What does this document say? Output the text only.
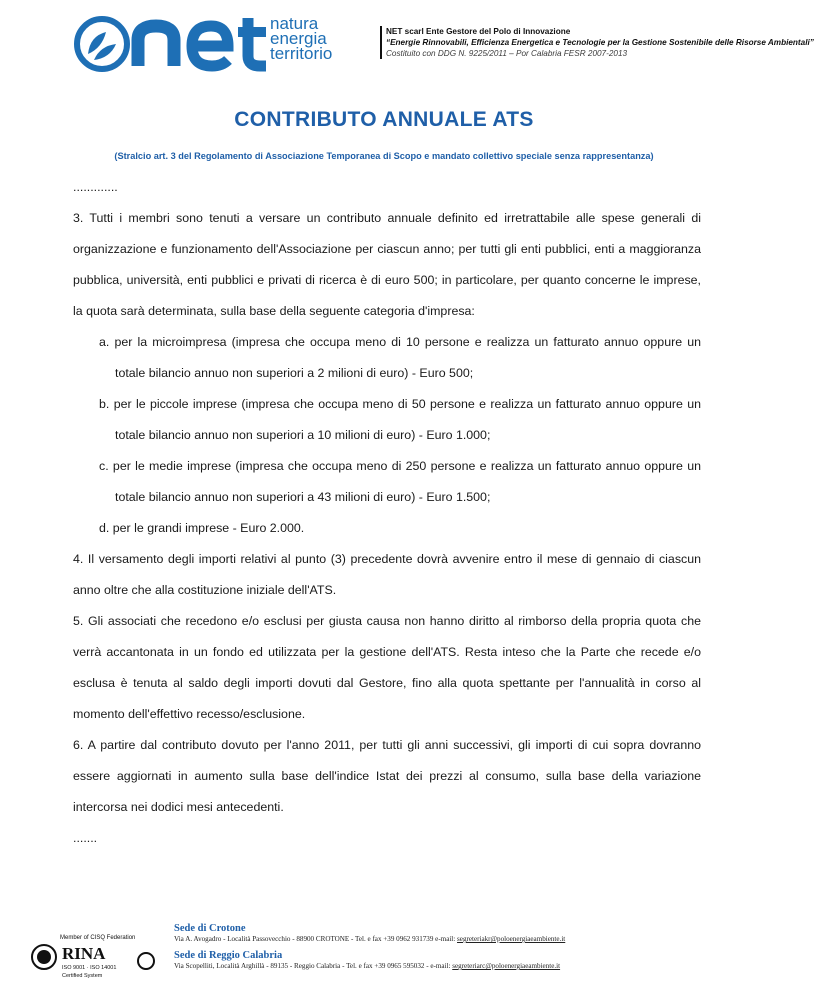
natura
energia
territorio
NET scarl Ente Gestore del Polo di Innovazione
“Energie Rinnovabili, Efficienza Energetica e Tecnologie per la Gestione Sostenibile delle Risorse Ambientali”
Costituito con DDG N. 9225/2011 – Por Calabria FESR 2007-2013
CONTRIBUTO ANNUALE ATS
(Stralcio art. 3 del Regolamento di Associazione Temporanea di Scopo e mandato collettivo speciale senza rappresentanza)

.............

3. Tutti i membri sono tenuti a versare un contributo annuale definito ed irretrattabile alle spese generali di organizzazione e funzionamento dell'Associazione per ciascun anno; per tutti gli enti pubblici, enti a maggioranza pubblica, università, enti pubblici e privati di ricerca è di euro 500; in particolare, per quanto concerne le imprese, la quota sarà determinata, sulla base della seguente categoria d'impresa:

a. per la microimpresa (impresa che occupa meno di 10 persone e realizza un fatturato annuo oppure un totale bilancio annuo non superiori a 2 milioni di euro) - Euro 500;
b. per le piccole imprese (impresa che occupa meno di 50 persone e realizza un fatturato annuo oppure un totale bilancio annuo non superiori a 10 milioni di euro) - Euro 1.000;
c. per le medie imprese (impresa che occupa meno di 250 persone e realizza un fatturato annuo oppure un totale bilancio annuo non superiori a 43 milioni di euro) - Euro 1.500;
d. per le grandi imprese - Euro 2.000.

4. Il versamento degli importi relativi al punto (3) precedente dovrà avvenire entro il mese di gennaio di ciascun anno oltre che alla costituzione iniziale dell'ATS.

5. Gli associati che recedono e/o esclusi per giusta causa non hanno diritto al rimborso della propria quota che verrà accantonata in un fondo ed utilizzata per la gestione dell'ATS. Resta inteso che la Parte che recede e/o esclusa è tenuta al saldo degli importi dovuti dal Gestore, fino alla quota spettante per l'annualità in corso al momento dell'effettivo recesso/esclusione.

6. A partire dal contributo dovuto per l'anno 2011, per tutti gli anni successivi, gli importi di cui sopra dovranno essere aggiornati in aumento sulla base dell'indice Istat dei prezzi al consumo, sulla base della variazione intercorsa nei dodici mesi antecedenti.

.......

Member of CISQ Federation
RINA
ISO 9001 · ISO 14001
Certified System
Sede di Crotone
Via A. Avogadro - Località Passovecchio - 88900 CROTONE - Tel. e fax +39 0962 931739 e-mail: segreteriakr@poloenergiaeambiente.it
Sede di Reggio Calabria
Via Scopelliti, Località Arghillà - 89135 - Reggio Calabria - Tel. e fax +39 0965 595032 - e-mail: segreteriarc@poloenergiaeambiente.it
